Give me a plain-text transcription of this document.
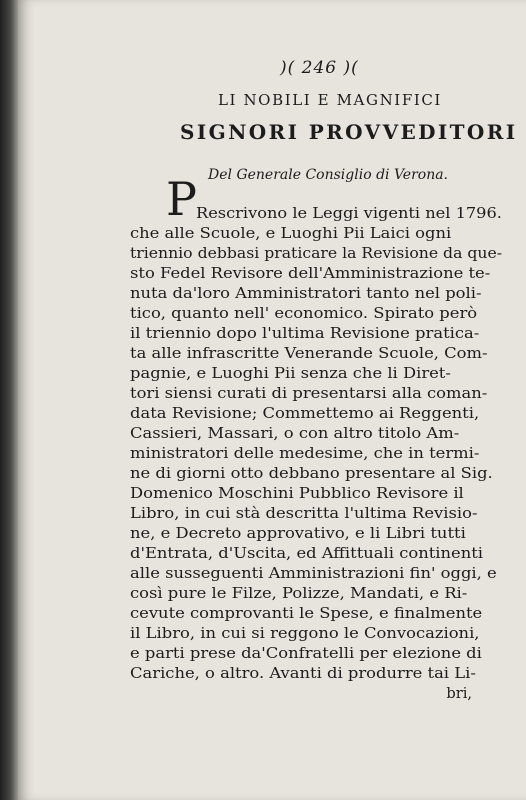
)( 246 )(
LI NOBILI E MAGNIFICI
SIGNORI PROVVEDITORI
Del Generale Consiglio di Verona.
P Rescrivono le Leggi vigenti nel 1796.
che alle Scuole, e Luoghi Pii Laici ogni
triennio debbasi praticare la Revisione da que-
sto Fedel Revisore dell'Amministrazione te-
nuta da'loro Amministratori tanto nel poli-
tico, quanto nell' economico. Spirato però
il triennio dopo l'ultima Revisione pratica-
ta alle infrascritte Venerande Scuole, Com-
pagnie, e Luoghi Pii senza che li Diret-
tori siensi curati di presentarsi alla coman-
data Revisione; Commettemo ai Reggenti,
Cassieri, Massari, o con altro titolo Am-
ministratori delle medesime, che in termi-
ne di giorni otto debbano presentare al Sig.
Domenico Moschini Pubblico Revisore il
Libro, in cui stà descritta l'ultima Revisio-
ne, e Decreto approvativo, e li Libri tutti
d'Entrata, d'Uscita, ed Affittuali continenti
alle susseguenti Amministrazioni fin' oggi, e
così pure le Filze, Polizze, Mandati, e Ri-
cevute comprovanti le Spese, e finalmente
il Libro, in cui si reggono le Convocazioni,
e parti prese da'Confratelli per elezione di
Cariche, o altro. Avanti di produrre tai Li-
bri,
